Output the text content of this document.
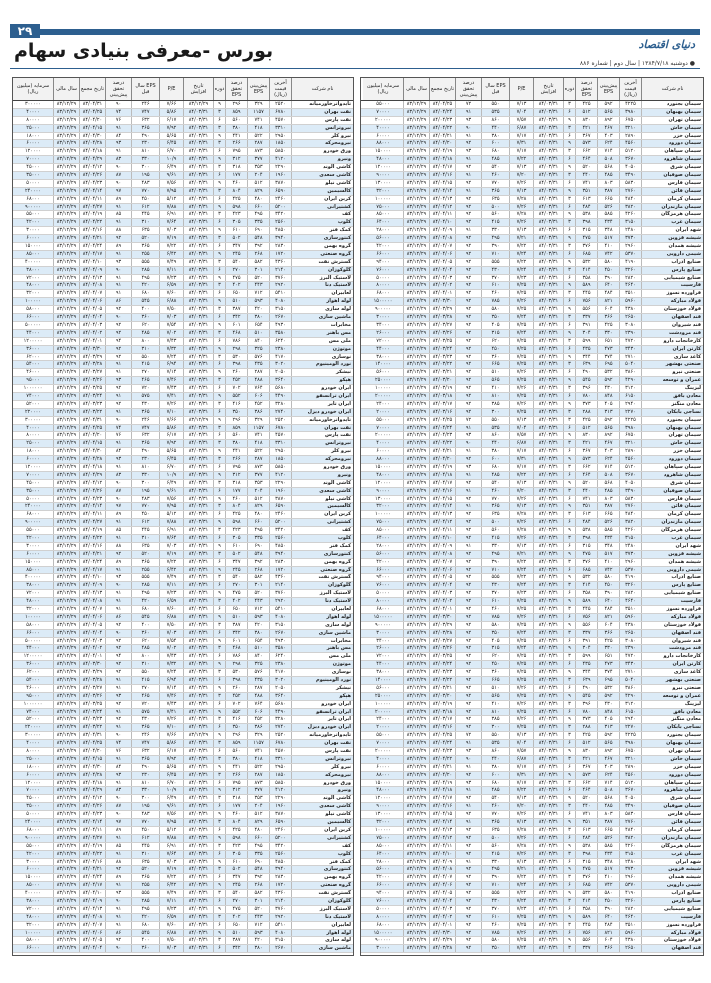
۲۹
دنیای اقتصاد
بورس -معرفی بنیادی سهام
● دوشنبه ۱۳۸۴/۷/۱۸ | سال دوم | شماره ۸۸۶
نام شرکت
آخرین قیمت (ریال)
پیش‌بینی EPS
درصد تحقق EPS
دوره
تاریخ افزایش
P/E
EPS سال قبل
درصد تحقق پیش‌بینی
تاریخ مجمع
سال مالی
سرمایه (میلیون ریال)
سیمان بجنورد
۴۲۲۵
۵۹۲
۴۲۵
۳
۸۴/۰۳/۳۱
۷/۱۳
۵۵۰
۷۲
۸۴/۰۴/۲۵
۸۳/۱۲/۲۹
۵۵۰۰۰
سیمان بهبهان
۳۹۸۰
۵۶۵
۵۱۲
۶
۸۴/۰۳/۳۱
۷/۰۴
۵۳۵
۹۱
۸۴/۰۴/۲۴
۸۳/۱۲/۲۹
۷۰۰۰۰
سیمان تهران
۶۷۵۰
۸۹۲
۸۳۰
۹
۸۴/۰۳/۳۱
۷/۵۷
۸۶۰
۹۳
۸۴/۰۴/۲۳
۸۳/۱۲/۲۹
۲۰۰۰۰۰
سیمان خاش
۳۲۱۰
۴۶۷
۴۲۱
۳
۸۴/۰۳/۳۱
۶/۸۷
۴۴۰
۹۰
۸۴/۰۴/۲۲
۸۳/۱۲/۲۹
۴۰۰۰۰
سیمان خزر
۲۸۹۰
۴۰۳
۳۶۷
۶
۸۴/۰۳/۳۱
۷/۱۷
۳۸۰
۹۱
۸۴/۰۴/۲۱
۸۳/۱۲/۲۹
۶۰۰۰۰
سیمان دورود
۴۵۶۰
۶۲۴
۵۷۳
۹
۸۴/۰۳/۳۱
۷/۳۱
۶۰۰
۹۲
۸۴/۰۴/۲۰
۸۳/۱۲/۲۹
۸۸۰۰۰
سیمان سپاهان
۵۱۲۰
۷۱۴
۶۶۲
۳
۸۴/۰۳/۳۱
۷/۱۷
۶۸۰
۹۳
۸۴/۰۴/۱۹
۸۳/۱۲/۲۹
۱۵۰۰۰۰
سیمان شاهرود
۳۶۷۰
۵۰۸
۴۶۴
۶
۸۴/۰۳/۳۱
۷/۲۲
۴۸۵
۹۱
۸۴/۰۴/۱۸
۸۳/۱۲/۲۹
۴۸۰۰۰
سیمان شرق
۴۰۵۰
۵۶۸
۵۲۰
۹
۸۴/۰۳/۳۱
۷/۱۳
۵۴۰
۹۲
۸۴/۰۴/۱۷
۸۳/۱۲/۲۹
۱۲۰۰۰۰
سیمان صوفیان
۳۴۹۰
۴۸۵
۴۴۰
۳
۸۴/۰۳/۳۱
۷/۲۰
۴۶۰
۹۱
۸۴/۰۴/۱۶
۸۳/۱۲/۲۹
۹۰۰۰۰
سیمان فارس
۵۸۳۰
۸۰۳
۷۴۱
۶
۸۴/۰۳/۳۱
۷/۲۶
۷۷۰
۹۲
۸۴/۰۴/۱۵
۸۳/۱۲/۲۹
۱۳۰۰۰۰
سیمان قائن
۲۷۶۰
۳۸۷
۳۵۱
۹
۸۴/۰۳/۳۱
۷/۱۳
۳۶۵
۹۱
۸۴/۰۴/۱۴
۸۳/۱۲/۲۹
۳۲۰۰۰
سیمان کرمان
۴۸۴۰
۶۶۵
۶۱۳
۳
۸۴/۰۳/۳۱
۷/۲۸
۶۳۵
۹۲
۸۴/۰۴/۱۳
۸۳/۱۲/۲۹
۱۰۰۰۰۰
سیمان مازندران
۳۸۲۰
۵۲۶
۴۸۴
۶
۸۴/۰۳/۳۱
۷/۲۶
۵۰۰
۹۲
۸۴/۰۴/۱۲
۸۳/۱۲/۲۹
۷۵۰۰۰
سیمان هرمزگان
۴۲۶۰
۵۸۵
۵۳۸
۹
۸۴/۰۳/۳۱
۷/۲۸
۵۶۰
۹۲
۸۴/۰۴/۱۱
۸۳/۱۲/۲۹
۸۵۰۰۰
سیمان غرب
۳۱۵۰
۴۳۴
۳۹۸
۳
۸۴/۰۳/۳۱
۷/۲۶
۴۱۵
۹۲
۸۴/۰۴/۱۰
۸۳/۱۲/۲۹
۶۴۰۰۰
شهد ایران
۲۴۸۰
۳۴۸
۳۱۵
۶
۸۴/۰۳/۳۱
۷/۱۳
۳۳۰
۹۱
۸۴/۰۴/۰۹
۸۳/۱۲/۲۹
۲۸۰۰۰
شیشه قزوین
۳۷۳۰
۵۱۷
۴۷۵
۹
۸۴/۰۳/۳۱
۷/۲۱
۴۹۵
۹۲
۸۴/۰۴/۰۸
۸۳/۱۲/۲۹
۵۶۰۰۰
شیشه همدان
۲۹۶۰
۴۱۰
۳۷۶
۳
۸۴/۰۳/۳۱
۷/۲۲
۳۹۰
۹۲
۸۴/۰۴/۰۷
۸۳/۱۲/۲۹
۴۲۰۰۰
شیمی دارویی
۵۳۷۰
۷۴۲
۶۸۵
۶
۸۴/۰۳/۳۱
۷/۲۴
۷۱۰
۹۲
۸۴/۰۴/۰۶
۸۳/۱۲/۲۹
۶۶۰۰۰
صنایع آذراب
۴۱۹۰
۵۸۰
۵۳۲
۹
۸۴/۰۳/۳۱
۷/۲۲
۵۵۵
۹۲
۸۴/۰۴/۰۵
۸۳/۱۲/۲۹
۹۴۰۰۰
صنایع پارس
۳۲۶۰
۴۵۰
۴۱۴
۳
۸۴/۰۳/۳۱
۷/۲۴
۴۳۰
۹۲
۸۴/۰۴/۰۴
۸۳/۱۲/۲۹
۷۶۰۰۰
صنایع شیمیایی
۲۸۲۰
۳۹۰
۳۵۸
۶
۸۴/۰۳/۳۱
۷/۲۳
۳۷۰
۹۲
۸۴/۰۴/۰۳
۸۳/۱۲/۲۹
۵۰۰۰۰
فارسیت
۴۶۴۰
۶۴۰
۵۸۹
۹
۸۴/۰۳/۳۱
۷/۲۵
۶۱۰
۹۲
۸۴/۰۴/۰۲
۸۳/۱۲/۲۹
۸۰۰۰۰
فرآورده نسوز
۳۵۱۰
۴۸۴
۴۴۵
۳
۸۴/۰۳/۳۱
۷/۲۵
۴۶۰
۹۲
۸۴/۰۴/۰۱
۸۳/۱۲/۲۹
۶۸۰۰۰
فولاد مبارکه
۵۹۶۰
۸۲۱
۷۵۶
۶
۸۴/۰۳/۳۱
۷/۲۶
۷۸۵
۹۲
۸۴/۰۳/۳۰
۸۳/۱۲/۲۹
۱۵۰۰۰۰۰
فولاد خوزستان
۴۳۸۰
۶۰۴
۵۵۶
۹
۸۴/۰۳/۳۱
۷/۲۵
۵۸۰
۹۲
۸۴/۰۳/۲۹
۸۳/۱۲/۲۹
۹۰۰۰۰۰
قند اصفهان
۲۶۵۰
۳۶۶
۳۳۷
۳
۸۴/۰۳/۳۱
۷/۲۴
۳۵۰
۹۲
۸۴/۰۳/۲۸
۸۳/۱۲/۲۹
۳۰۰۰۰
قند شیروان
۳۰۸۰
۴۲۵
۳۹۱
۶
۸۴/۰۳/۳۱
۷/۲۵
۴۰۵
۹۲
۸۴/۰۳/۲۷
۸۳/۱۲/۲۹
۳۴۰۰۰
قند مرودشت
۲۳۹۰
۳۳۰
۳۰۴
۹
۸۴/۰۳/۳۱
۷/۲۴
۳۱۵
۹۲
۸۴/۰۳/۲۶
۸۳/۱۲/۲۹
۲۶۰۰۰
کارخانجات دارو
۴۷۲۰
۶۵۱
۵۹۹
۳
۸۴/۰۳/۳۱
۷/۲۵
۶۲۰
۹۲
۸۴/۰۳/۲۵
۸۳/۱۲/۲۹
۷۲۰۰۰
کارتن ایران
۳۴۳۰
۴۷۳
۴۳۵
۶
۸۴/۰۳/۳۱
۷/۲۵
۴۵۰
۹۲
۸۴/۰۳/۲۴
۸۳/۱۲/۲۹
۴۴۰۰۰
کاغذ سازی
۲۷۱۰
۳۷۴
۳۴۴
۹
۸۴/۰۳/۳۱
۷/۲۵
۳۶۰
۹۲
۸۴/۰۳/۲۳
۸۳/۱۲/۲۹
۳۸۰۰۰
صنعتی بهشهر
۵۰۴۰
۶۹۵
۶۳۹
۳
۸۴/۰۳/۳۱
۷/۲۵
۶۶۵
۹۲
۸۴/۰۳/۲۲
۸۳/۱۲/۲۹
۱۴۰۰۰۰
صنعتی نیرو
۳۸۶۰
۵۳۲
۴۹۰
۶
۸۴/۰۳/۳۱
۷/۲۶
۵۱۰
۹۲
۸۴/۰۳/۲۱
۸۳/۱۲/۲۹
۵۶۰۰۰
عمران و توسعه
۴۲۹۰
۵۹۲
۵۴۵
۹
۸۴/۰۳/۳۱
۷/۲۵
۵۶۵
۹۲
۸۴/۰۳/۲۰
۸۳/۱۲/۲۹
۲۵۰۰۰۰
لیزینگ
۳۱۲۰
۴۳۰
۳۹۶
۳
۸۴/۰۳/۳۱
۷/۲۶
۴۱۰
۹۲
۸۴/۰۳/۱۹
۸۳/۱۲/۲۹
۱۰۰۰۰۰
معادن بافق
۶۱۵۰
۸۴۸
۷۸۰
۶
۸۴/۰۳/۳۱
۷/۲۵
۸۱۰
۹۲
۸۴/۰۳/۱۸
۸۳/۱۲/۲۹
۲۰۰۰۰۰
معادن منگنز
۲۹۴۰
۴۰۵
۳۷۳
۹
۸۴/۰۳/۳۱
۷/۲۶
۳۸۵
۹۲
۸۴/۰۳/۱۷
۸۳/۱۲/۲۹
۲۴۰۰۰
نساجی بابکان
۲۲۷۰
۳۱۳
۲۸۸
۳
۸۴/۰۳/۳۱
۷/۲۵
۳۰۰
۹۲
۸۴/۰۳/۱۶
۸۳/۱۲/۲۹
۲۰۰۰۰
سیمان بجنورد
۴۲۲۵
۵۹۲
۴۲۵
۳
۸۴/۰۳/۳۱
۷/۱۳
۵۵۰
۷۲
۸۴/۰۴/۲۵
۸۳/۱۲/۲۹
۵۵۰۰۰
سیمان بهبهان
۳۹۸۰
۵۶۵
۵۱۲
۶
۸۴/۰۳/۳۱
۷/۰۴
۵۳۵
۹۱
۸۴/۰۴/۲۴
۸۳/۱۲/۲۹
۷۰۰۰۰
سیمان تهران
۶۷۵۰
۸۹۲
۸۳۰
۹
۸۴/۰۳/۳۱
۷/۵۷
۸۶۰
۹۳
۸۴/۰۴/۲۳
۸۳/۱۲/۲۹
۲۰۰۰۰۰
سیمان خاش
۳۲۱۰
۴۶۷
۴۲۱
۳
۸۴/۰۳/۳۱
۶/۸۷
۴۴۰
۹۰
۸۴/۰۴/۲۲
۸۳/۱۲/۲۹
۴۰۰۰۰
سیمان خزر
۲۸۹۰
۴۰۳
۳۶۷
۶
۸۴/۰۳/۳۱
۷/۱۷
۳۸۰
۹۱
۸۴/۰۴/۲۱
۸۳/۱۲/۲۹
۶۰۰۰۰
سیمان دورود
۴۵۶۰
۶۲۴
۵۷۳
۹
۸۴/۰۳/۳۱
۷/۳۱
۶۰۰
۹۲
۸۴/۰۴/۲۰
۸۳/۱۲/۲۹
۸۸۰۰۰
سیمان سپاهان
۵۱۲۰
۷۱۴
۶۶۲
۳
۸۴/۰۳/۳۱
۷/۱۷
۶۸۰
۹۳
۸۴/۰۴/۱۹
۸۳/۱۲/۲۹
۱۵۰۰۰۰
سیمان شاهرود
۳۶۷۰
۵۰۸
۴۶۴
۶
۸۴/۰۳/۳۱
۷/۲۲
۴۸۵
۹۱
۸۴/۰۴/۱۸
۸۳/۱۲/۲۹
۴۸۰۰۰
سیمان شرق
۴۰۵۰
۵۶۸
۵۲۰
۹
۸۴/۰۳/۳۱
۷/۱۳
۵۴۰
۹۲
۸۴/۰۴/۱۷
۸۳/۱۲/۲۹
۱۲۰۰۰۰
سیمان صوفیان
۳۴۹۰
۴۸۵
۴۴۰
۳
۸۴/۰۳/۳۱
۷/۲۰
۴۶۰
۹۱
۸۴/۰۴/۱۶
۸۳/۱۲/۲۹
۹۰۰۰۰
سیمان فارس
۵۸۳۰
۸۰۳
۷۴۱
۶
۸۴/۰۳/۳۱
۷/۲۶
۷۷۰
۹۲
۸۴/۰۴/۱۵
۸۳/۱۲/۲۹
۱۳۰۰۰۰
سیمان قائن
۲۷۶۰
۳۸۷
۳۵۱
۹
۸۴/۰۳/۳۱
۷/۱۳
۳۶۵
۹۱
۸۴/۰۴/۱۴
۸۳/۱۲/۲۹
۳۲۰۰۰
سیمان کرمان
۴۸۴۰
۶۶۵
۶۱۳
۳
۸۴/۰۳/۳۱
۷/۲۸
۶۳۵
۹۲
۸۴/۰۴/۱۳
۸۳/۱۲/۲۹
۱۰۰۰۰۰
سیمان مازندران
۳۸۲۰
۵۲۶
۴۸۴
۶
۸۴/۰۳/۳۱
۷/۲۶
۵۰۰
۹۲
۸۴/۰۴/۱۲
۸۳/۱۲/۲۹
۷۵۰۰۰
سیمان هرمزگان
۴۲۶۰
۵۸۵
۵۳۸
۹
۸۴/۰۳/۳۱
۷/۲۸
۵۶۰
۹۲
۸۴/۰۴/۱۱
۸۳/۱۲/۲۹
۸۵۰۰۰
سیمان غرب
۳۱۵۰
۴۳۴
۳۹۸
۳
۸۴/۰۳/۳۱
۷/۲۶
۴۱۵
۹۲
۸۴/۰۴/۱۰
۸۳/۱۲/۲۹
۶۴۰۰۰
شهد ایران
۲۴۸۰
۳۴۸
۳۱۵
۶
۸۴/۰۳/۳۱
۷/۱۳
۳۳۰
۹۱
۸۴/۰۴/۰۹
۸۳/۱۲/۲۹
۲۸۰۰۰
شیشه قزوین
۳۷۳۰
۵۱۷
۴۷۵
۹
۸۴/۰۳/۳۱
۷/۲۱
۴۹۵
۹۲
۸۴/۰۴/۰۸
۸۳/۱۲/۲۹
۵۶۰۰۰
شیشه همدان
۲۹۶۰
۴۱۰
۳۷۶
۳
۸۴/۰۳/۳۱
۷/۲۲
۳۹۰
۹۲
۸۴/۰۴/۰۷
۸۳/۱۲/۲۹
۴۲۰۰۰
شیمی دارویی
۵۳۷۰
۷۴۲
۶۸۵
۶
۸۴/۰۳/۳۱
۷/۲۴
۷۱۰
۹۲
۸۴/۰۴/۰۶
۸۳/۱۲/۲۹
۶۶۰۰۰
صنایع آذراب
۴۱۹۰
۵۸۰
۵۳۲
۹
۸۴/۰۳/۳۱
۷/۲۲
۵۵۵
۹۲
۸۴/۰۴/۰۵
۸۳/۱۲/۲۹
۹۴۰۰۰
صنایع پارس
۳۲۶۰
۴۵۰
۴۱۴
۳
۸۴/۰۳/۳۱
۷/۲۴
۴۳۰
۹۲
۸۴/۰۴/۰۴
۸۳/۱۲/۲۹
۷۶۰۰۰
صنایع شیمیایی
۲۸۲۰
۳۹۰
۳۵۸
۶
۸۴/۰۳/۳۱
۷/۲۳
۳۷۰
۹۲
۸۴/۰۴/۰۳
۸۳/۱۲/۲۹
۵۰۰۰۰
فارسیت
۴۶۴۰
۶۴۰
۵۸۹
۹
۸۴/۰۳/۳۱
۷/۲۵
۶۱۰
۹۲
۸۴/۰۴/۰۲
۸۳/۱۲/۲۹
۸۰۰۰۰
فرآورده نسوز
۳۵۱۰
۴۸۴
۴۴۵
۳
۸۴/۰۳/۳۱
۷/۲۵
۴۶۰
۹۲
۸۴/۰۴/۰۱
۸۳/۱۲/۲۹
۶۸۰۰۰
فولاد مبارکه
۵۹۶۰
۸۲۱
۷۵۶
۶
۸۴/۰۳/۳۱
۷/۲۶
۷۸۵
۹۲
۸۴/۰۳/۳۰
۸۳/۱۲/۲۹
۱۵۰۰۰۰۰
فولاد خوزستان
۴۳۸۰
۶۰۴
۵۵۶
۹
۸۴/۰۳/۳۱
۷/۲۵
۵۸۰
۹۲
۸۴/۰۳/۲۹
۸۳/۱۲/۲۹
۹۰۰۰۰۰
قند اصفهان
۲۶۵۰
۳۶۶
۳۳۷
۳
۸۴/۰۳/۳۱
۷/۲۴
۳۵۰
۹۲
۸۴/۰۳/۲۸
۸۳/۱۲/۲۹
۳۰۰۰۰
قند شیروان
۳۰۸۰
۴۲۵
۳۹۱
۶
۸۴/۰۳/۳۱
۷/۲۵
۴۰۵
۹۲
۸۴/۰۳/۲۷
۸۳/۱۲/۲۹
۳۴۰۰۰
قند مرودشت
۲۳۹۰
۳۳۰
۳۰۴
۹
۸۴/۰۳/۳۱
۷/۲۴
۳۱۵
۹۲
۸۴/۰۳/۲۶
۸۳/۱۲/۲۹
۲۶۰۰۰
کارخانجات دارو
۴۷۲۰
۶۵۱
۵۹۹
۳
۸۴/۰۳/۳۱
۷/۲۵
۶۲۰
۹۲
۸۴/۰۳/۲۵
۸۳/۱۲/۲۹
۷۲۰۰۰
کارتن ایران
۳۴۳۰
۴۷۳
۴۳۵
۶
۸۴/۰۳/۳۱
۷/۲۵
۴۵۰
۹۲
۸۴/۰۳/۲۴
۸۳/۱۲/۲۹
۴۴۰۰۰
کاغذ سازی
۲۷۱۰
۳۷۴
۳۴۴
۹
۸۴/۰۳/۳۱
۷/۲۵
۳۶۰
۹۲
۸۴/۰۳/۲۳
۸۳/۱۲/۲۹
۳۸۰۰۰
صنعتی بهشهر
۵۰۴۰
۶۹۵
۶۳۹
۳
۸۴/۰۳/۳۱
۷/۲۵
۶۶۵
۹۲
۸۴/۰۳/۲۲
۸۳/۱۲/۲۹
۱۴۰۰۰۰
صنعتی نیرو
۳۸۶۰
۵۳۲
۴۹۰
۶
۸۴/۰۳/۳۱
۷/۲۶
۵۱۰
۹۲
۸۴/۰۳/۲۱
۸۳/۱۲/۲۹
۵۶۰۰۰
عمران و توسعه
۴۲۹۰
۵۹۲
۵۴۵
۹
۸۴/۰۳/۳۱
۷/۲۵
۵۶۵
۹۲
۸۴/۰۳/۲۰
۸۳/۱۲/۲۹
۲۵۰۰۰۰
لیزینگ
۳۱۲۰
۴۳۰
۳۹۶
۳
۸۴/۰۳/۳۱
۷/۲۶
۴۱۰
۹۲
۸۴/۰۳/۱۹
۸۳/۱۲/۲۹
۱۰۰۰۰۰
معادن بافق
۶۱۵۰
۸۴۸
۷۸۰
۶
۸۴/۰۳/۳۱
۷/۲۵
۸۱۰
۹۲
۸۴/۰۳/۱۸
۸۳/۱۲/۲۹
۲۰۰۰۰۰
معادن منگنز
۲۹۴۰
۴۰۵
۳۷۳
۹
۸۴/۰۳/۳۱
۷/۲۶
۳۸۵
۹۲
۸۴/۰۳/۱۷
۸۳/۱۲/۲۹
۲۴۰۰۰
نساجی بابکان
۲۲۷۰
۳۱۳
۲۸۸
۳
۸۴/۰۳/۳۱
۷/۲۵
۳۰۰
۹۲
۸۴/۰۳/۱۶
۸۳/۱۲/۲۹
۲۰۰۰۰
سیمان بجنورد
۴۲۲۵
۵۹۲
۴۲۵
۳
۸۴/۰۳/۳۱
۷/۱۳
۵۵۰
۷۲
۸۴/۰۴/۲۵
۸۳/۱۲/۲۹
۵۵۰۰۰
سیمان بهبهان
۳۹۸۰
۵۶۵
۵۱۲
۶
۸۴/۰۳/۳۱
۷/۰۴
۵۳۵
۹۱
۸۴/۰۴/۲۴
۸۳/۱۲/۲۹
۷۰۰۰۰
سیمان تهران
۶۷۵۰
۸۹۲
۸۳۰
۹
۸۴/۰۳/۳۱
۷/۵۷
۸۶۰
۹۳
۸۴/۰۴/۲۳
۸۳/۱۲/۲۹
۲۰۰۰۰۰
سیمان خاش
۳۲۱۰
۴۶۷
۴۲۱
۳
۸۴/۰۳/۳۱
۶/۸۷
۴۴۰
۹۰
۸۴/۰۴/۲۲
۸۳/۱۲/۲۹
۴۰۰۰۰
سیمان خزر
۲۸۹۰
۴۰۳
۳۶۷
۶
۸۴/۰۳/۳۱
۷/۱۷
۳۸۰
۹۱
۸۴/۰۴/۲۱
۸۳/۱۲/۲۹
۶۰۰۰۰
سیمان دورود
۴۵۶۰
۶۲۴
۵۷۳
۹
۸۴/۰۳/۳۱
۷/۳۱
۶۰۰
۹۲
۸۴/۰۴/۲۰
۸۳/۱۲/۲۹
۸۸۰۰۰
سیمان سپاهان
۵۱۲۰
۷۱۴
۶۶۲
۳
۸۴/۰۳/۳۱
۷/۱۷
۶۸۰
۹۳
۸۴/۰۴/۱۹
۸۳/۱۲/۲۹
۱۵۰۰۰۰
سیمان شاهرود
۳۶۷۰
۵۰۸
۴۶۴
۶
۸۴/۰۳/۳۱
۷/۲۲
۴۸۵
۹۱
۸۴/۰۴/۱۸
۸۳/۱۲/۲۹
۴۸۰۰۰
سیمان شرق
۴۰۵۰
۵۶۸
۵۲۰
۹
۸۴/۰۳/۳۱
۷/۱۳
۵۴۰
۹۲
۸۴/۰۴/۱۷
۸۳/۱۲/۲۹
۱۲۰۰۰۰
سیمان صوفیان
۳۴۹۰
۴۸۵
۴۴۰
۳
۸۴/۰۳/۳۱
۷/۲۰
۴۶۰
۹۱
۸۴/۰۴/۱۶
۸۳/۱۲/۲۹
۹۰۰۰۰
سیمان فارس
۵۸۳۰
۸۰۳
۷۴۱
۶
۸۴/۰۳/۳۱
۷/۲۶
۷۷۰
۹۲
۸۴/۰۴/۱۵
۸۳/۱۲/۲۹
۱۳۰۰۰۰
سیمان قائن
۲۷۶۰
۳۸۷
۳۵۱
۹
۸۴/۰۳/۳۱
۷/۱۳
۳۶۵
۹۱
۸۴/۰۴/۱۴
۸۳/۱۲/۲۹
۳۲۰۰۰
سیمان کرمان
۴۸۴۰
۶۶۵
۶۱۳
۳
۸۴/۰۳/۳۱
۷/۲۸
۶۳۵
۹۲
۸۴/۰۴/۱۳
۸۳/۱۲/۲۹
۱۰۰۰۰۰
سیمان مازندران
۳۸۲۰
۵۲۶
۴۸۴
۶
۸۴/۰۳/۳۱
۷/۲۶
۵۰۰
۹۲
۸۴/۰۴/۱۲
۸۳/۱۲/۲۹
۷۵۰۰۰
سیمان هرمزگان
۴۲۶۰
۵۸۵
۵۳۸
۹
۸۴/۰۳/۳۱
۷/۲۸
۵۶۰
۹۲
۸۴/۰۴/۱۱
۸۳/۱۲/۲۹
۸۵۰۰۰
سیمان غرب
۳۱۵۰
۴۳۴
۳۹۸
۳
۸۴/۰۳/۳۱
۷/۲۶
۴۱۵
۹۲
۸۴/۰۴/۱۰
۸۳/۱۲/۲۹
۶۴۰۰۰
شهد ایران
۲۴۸۰
۳۴۸
۳۱۵
۶
۸۴/۰۳/۳۱
۷/۱۳
۳۳۰
۹۱
۸۴/۰۴/۰۹
۸۳/۱۲/۲۹
۲۸۰۰۰
شیشه قزوین
۳۷۳۰
۵۱۷
۴۷۵
۹
۸۴/۰۳/۳۱
۷/۲۱
۴۹۵
۹۲
۸۴/۰۴/۰۸
۸۳/۱۲/۲۹
۵۶۰۰۰
شیشه همدان
۲۹۶۰
۴۱۰
۳۷۶
۳
۸۴/۰۳/۳۱
۷/۲۲
۳۹۰
۹۲
۸۴/۰۴/۰۷
۸۳/۱۲/۲۹
۴۲۰۰۰
شیمی دارویی
۵۳۷۰
۷۴۲
۶۸۵
۶
۸۴/۰۳/۳۱
۷/۲۴
۷۱۰
۹۲
۸۴/۰۴/۰۶
۸۳/۱۲/۲۹
۶۶۰۰۰
صنایع آذراب
۴۱۹۰
۵۸۰
۵۳۲
۹
۸۴/۰۳/۳۱
۷/۲۲
۵۵۵
۹۲
۸۴/۰۴/۰۵
۸۳/۱۲/۲۹
۹۴۰۰۰
صنایع پارس
۳۲۶۰
۴۵۰
۴۱۴
۳
۸۴/۰۳/۳۱
۷/۲۴
۴۳۰
۹۲
۸۴/۰۴/۰۴
۸۳/۱۲/۲۹
۷۶۰۰۰
صنایع شیمیایی
۲۸۲۰
۳۹۰
۳۵۸
۶
۸۴/۰۳/۳۱
۷/۲۳
۳۷۰
۹۲
۸۴/۰۴/۰۳
۸۳/۱۲/۲۹
۵۰۰۰۰
فارسیت
۴۶۴۰
۶۴۰
۵۸۹
۹
۸۴/۰۳/۳۱
۷/۲۵
۶۱۰
۹۲
۸۴/۰۴/۰۲
۸۳/۱۲/۲۹
۸۰۰۰۰
فرآورده نسوز
۳۵۱۰
۴۸۴
۴۴۵
۳
۸۴/۰۳/۳۱
۷/۲۵
۴۶۰
۹۲
۸۴/۰۴/۰۱
۸۳/۱۲/۲۹
۶۸۰۰۰
فولاد مبارکه
۵۹۶۰
۸۲۱
۷۵۶
۶
۸۴/۰۳/۳۱
۷/۲۶
۷۸۵
۹۲
۸۴/۰۳/۳۰
۸۳/۱۲/۲۹
۱۵۰۰۰۰۰
فولاد خوزستان
۴۳۸۰
۶۰۴
۵۵۶
۹
۸۴/۰۳/۳۱
۷/۲۵
۵۸۰
۹۲
۸۴/۰۳/۲۹
۸۳/۱۲/۲۹
۹۰۰۰۰۰
قند اصفهان
۲۶۵۰
۳۶۶
۳۳۷
۳
۸۴/۰۳/۳۱
۷/۲۴
۳۵۰
۹۲
۸۴/۰۳/۲۸
۸۳/۱۲/۲۹
۳۰۰۰۰
نام شرکت
آخرین قیمت (ریال)
پیش‌بینی EPS
درصد تحقق EPS
دوره
تاریخ افزایش
P/E
EPS سال قبل
درصد تحقق پیش‌بینی
تاریخ مجمع
سال مالی
سرمایه (میلیون ریال)
تایدواترخاورمیانه
۲۵۲۰
۳۲۹
۲۹۶
۹
۸۳/۱۲/۲۹
۷/۶۶
۲۴۶
۹۰
۸۳/۰۴/۳۱
۸۳/۱۲/۲۹
۳۰۰۰۰۰
نفت بهران
۶۷۸۰
۱۱۵۷
۸۵۹
۳
۸۴/۰۳/۳۱
۵/۸۶
۷۴۷
۷۴
۸۴/۰۴/۲۵
۸۳/۱۲/۲۹
۴۰۰۰۰
نفت پارس
۴۵۷۰
۷۴۱
۵۶۰
۶
۸۴/۰۳/۳۱
۶/۱۷
۶۳۲
۷۶
۸۴/۰۴/۲۰
۸۳/۱۲/۲۹
۸۰۰۰۰
نیروترانس
۳۳۱۰
۴۱۸
۳۸۰
۳
۸۴/۰۳/۳۱
۷/۹۲
۳۶۵
۹۱
۸۴/۰۴/۱۵
۸۳/۱۲/۲۹
۲۵۰۰۰
نیرو کلر
۲۹۵۰
۵۲۲
۴۴۱
۹
۸۴/۰۳/۳۱
۵/۶۵
۴۹۰
۸۴
۸۴/۰۴/۳۰
۸۳/۱۲/۲۹
۱۸۰۰۰
نیرومحرکه
۱۸۵۰
۲۸۷
۲۶۶
۳
۸۴/۰۳/۳۱
۶/۴۵
۲۳۰
۹۳
۸۴/۰۴/۲۸
۸۳/۱۲/۲۹
۶۰۰۰۰
ورق خودرو
۵۸۵۰
۸۷۳
۷۹۵
۶
۸۴/۰۳/۳۱
۶/۷۰
۸۱۰
۹۱
۸۴/۰۴/۱۸
۸۳/۱۲/۲۹
۱۲۰۰۰۰
ونیرو
۴۱۲۰
۳۷۷
۳۱۲
۹
۸۴/۰۳/۳۱
۱۰/۹
۳۳۰
۸۳
۸۴/۰۴/۲۹
۸۳/۱۲/۲۹
۷۰۰۰۰
کاشی الوند
۲۲۹۰
۳۵۳
۳۱۸
۳
۸۴/۰۳/۳۱
۶/۴۹
۳۰۰
۹۰
۸۴/۰۴/۱۲
۸۳/۱۲/۲۹
۴۵۰۰۰
کاشی سعدی
۱۹۶۰
۲۰۴
۱۷۷
۶
۸۴/۰۳/۳۱
۹/۶۱
۱۹۵
۸۷
۸۴/۰۴/۲۶
۸۳/۱۲/۲۹
۳۵۰۰۰
کاشی نیلو
۳۸۷۰
۵۱۲
۴۶۰
۹
۸۴/۰۳/۳۱
۷/۵۶
۴۸۳
۹۰
۸۴/۰۴/۲۳
۸۳/۱۲/۲۹
۵۰۰۰۰
کالسیمین
۶۵۹۰
۸۲۹
۸۰۴
۳
۸۴/۰۳/۳۱
۷/۹۵
۷۷۰
۹۷
۸۴/۰۴/۱۴
۸۳/۱۲/۲۹
۲۴۰۰۰۰
کربن ایران
۲۴۶۰
۴۸۰
۴۲۵
۶
۸۴/۰۳/۳۱
۵/۱۲
۴۵۰
۸۹
۸۴/۰۴/۱۱
۸۳/۱۲/۲۹
۶۸۰۰۰
کشتیرانی
۵۲۰۰
۶۶۰
۵۹۸
۹
۸۴/۰۳/۳۱
۷/۸۸
۶۱۲
۹۱
۸۴/۰۴/۲۷
۸۳/۱۲/۲۹
۹۰۰۰۰۰
کف
۳۴۲۰
۴۹۵
۴۲۳
۳
۸۴/۰۳/۳۱
۶/۹۱
۴۴۵
۸۵
۸۴/۰۴/۱۹
۸۳/۱۲/۲۹
۵۵۰۰۰
کلوپ
۲۵۶۰
۳۳۵
۳۰۵
۶
۸۴/۰۳/۳۱
۷/۶۴
۳۱۰
۹۱
۸۴/۰۴/۲۲
۸۳/۱۲/۲۹
۴۲۰۰۰
کمک فنر
۴۸۵۰
۶۹۰
۶۱۰
۹
۸۴/۰۳/۳۱
۷/۰۳
۶۳۵
۸۸
۸۴/۰۴/۱۶
۸۳/۱۲/۲۹
۳۰۰۰۰
کنتورسازی
۳۹۴۰
۵۴۸
۵۰۲
۳
۸۴/۰۳/۳۱
۷/۱۹
۵۲۰
۹۲
۸۴/۰۴/۲۱
۸۳/۱۲/۲۹
۶۰۰۰۰
گروه بهمن
۲۸۳۰
۳۹۲
۳۴۷
۶
۸۴/۰۳/۳۱
۷/۲۲
۳۶۵
۸۹
۸۴/۰۴/۲۴
۸۳/۱۲/۲۹
۱۵۰۰۰۰
گروه صنعتی
۱۷۲۰
۲۶۸
۲۴۵
۹
۸۴/۰۳/۳۱
۶/۴۲
۲۵۵
۹۱
۸۴/۰۴/۱۷
۸۳/۱۲/۲۹
۸۵۰۰۰
گسترش نفت
۴۳۶۰
۵۸۲
۵۴۰
۳
۸۴/۰۳/۳۱
۷/۴۹
۵۵۵
۹۳
۸۴/۰۴/۱۰
۸۳/۱۲/۲۹
۴۰۰۰۰۰
گلوکوزان
۲۱۴۰
۳۰۱
۲۷۰
۶
۸۴/۰۳/۳۱
۷/۱۱
۲۸۵
۹۰
۸۴/۰۴/۰۹
۸۳/۱۲/۲۹
۳۸۰۰۰
لاستیک البرز
۳۷۶۰
۵۲۰
۴۷۵
۹
۸۴/۰۳/۳۱
۷/۲۳
۴۹۵
۹۱
۸۴/۰۴/۱۳
۸۳/۱۲/۲۹
۷۲۰۰۰
لاستیک دنا
۲۹۲۰
۴۴۳
۴۰۲
۳
۸۴/۰۳/۳۱
۶/۵۹
۴۲۰
۹۱
۸۴/۰۴/۰۸
۸۳/۱۲/۲۹
۴۸۰۰۰
لعابیران
۵۴۱۰
۷۱۲
۶۵۰
۶
۸۴/۰۳/۳۱
۷/۶۰
۶۸۰
۹۱
۸۴/۰۴/۰۷
۸۳/۱۲/۲۹
۳۲۰۰۰
لوله اهواز
۴۰۸۰
۵۹۳
۵۱۰
۹
۸۴/۰۳/۳۱
۶/۸۸
۵۴۵
۸۶
۸۴/۰۴/۰۶
۸۳/۱۲/۲۹
۱۰۰۰۰۰
لوله سازی
۳۱۵۰
۴۲۰
۳۸۷
۳
۸۴/۰۳/۳۱
۷/۵۰
۴۰۰
۹۲
۸۴/۰۴/۰۵
۸۳/۱۲/۲۹
۵۸۰۰۰
ماشین سازی
۲۶۷۰
۳۸۰
۳۴۲
۶
۸۴/۰۳/۳۱
۷/۰۳
۳۶۰
۹۰
۸۴/۰۴/۰۴
۸۳/۱۲/۲۹
۶۶۰۰۰
مخابرات
۴۹۳۰
۶۵۴
۶۰۱
۹
۸۴/۰۳/۳۱
۷/۵۴
۶۲۰
۹۲
۸۴/۰۴/۰۳
۸۳/۱۲/۲۹
۵۰۰۰۰۰
مس باهنر
۳۵۸۰
۵۱۰
۴۶۸
۳
۸۴/۰۳/۳۱
۷/۰۲
۴۸۵
۹۲
۸۴/۰۴/۰۲
۸۳/۱۲/۲۹
۴۴۰۰۰
ملی مس
۶۲۴۰
۸۴۰
۷۸۶
۶
۸۴/۰۳/۳۱
۷/۴۳
۸۰۰
۹۴
۸۴/۰۴/۰۱
۸۳/۱۲/۲۹
۱۲۰۰۰۰۰
موتوژن
۲۳۸۰
۳۲۵
۲۹۸
۹
۸۴/۰۳/۳۱
۷/۳۲
۳۱۰
۹۲
۸۴/۰۳/۳۰
۸۳/۱۲/۲۹
۳۶۰۰۰
نوسازی
۴۱۷۰
۵۷۶
۵۳۰
۳
۸۴/۰۳/۳۱
۷/۲۴
۵۵۰
۹۲
۸۴/۰۳/۲۹
۸۳/۱۲/۲۹
۶۲۰۰۰
نورد آلومینیوم
۳۰۲۰
۴۳۵
۳۹۸
۶
۸۴/۰۳/۳۱
۶/۹۴
۴۱۵
۹۱
۸۴/۰۳/۲۸
۸۳/۱۲/۲۹
۵۴۰۰۰
نیشکر
۲۰۵۰
۲۸۷
۲۶۰
۹
۸۴/۰۳/۳۱
۷/۱۴
۲۷۰
۹۱
۸۴/۰۳/۲۷
۸۳/۱۲/۲۹
۴۶۰۰۰
هپکو
۳۶۴۰
۴۸۸
۴۵۲
۳
۸۴/۰۳/۳۱
۷/۴۶
۴۶۵
۹۳
۸۴/۰۳/۲۶
۸۳/۱۲/۲۹
۹۵۰۰۰
ایران خودرو
۵۶۸۰
۷۶۴
۷۰۲
۶
۸۴/۰۳/۳۱
۷/۴۳
۷۲۰
۹۲
۸۴/۰۳/۲۵
۸۳/۱۲/۲۹
۱۰۰۰۰۰۰
ایران ترانسفو
۴۴۹۰
۶۰۶
۵۵۲
۹
۸۴/۰۳/۳۱
۷/۴۱
۵۷۵
۹۱
۸۴/۰۳/۲۴
۸۳/۱۲/۲۹
۷۴۰۰۰
ایران تایر
۳۲۸۰
۴۵۲
۴۱۶
۳
۸۴/۰۳/۳۱
۷/۲۶
۴۳۰
۹۲
۸۴/۰۳/۲۳
۸۳/۱۲/۲۹
۵۲۰۰۰
ایران خودرو دیزل
۲۷۴۰
۳۸۶
۳۵۰
۶
۸۴/۰۳/۳۱
۷/۱۰
۳۶۵
۹۱
۸۴/۰۳/۲۲
۸۳/۱۲/۲۹
۲۲۰۰۰۰
تایدواترخاورمیانه
۲۵۲۰
۳۲۹
۲۹۶
۹
۸۳/۱۲/۲۹
۷/۶۶
۲۴۶
۹۰
۸۳/۰۴/۳۱
۸۳/۱۲/۲۹
۳۰۰۰۰۰
نفت بهران
۶۷۸۰
۱۱۵۷
۸۵۹
۳
۸۴/۰۳/۳۱
۵/۸۶
۷۴۷
۷۴
۸۴/۰۴/۲۵
۸۳/۱۲/۲۹
۴۰۰۰۰
نفت پارس
۴۵۷۰
۷۴۱
۵۶۰
۶
۸۴/۰۳/۳۱
۶/۱۷
۶۳۲
۷۶
۸۴/۰۴/۲۰
۸۳/۱۲/۲۹
۸۰۰۰۰
نیروترانس
۳۳۱۰
۴۱۸
۳۸۰
۳
۸۴/۰۳/۳۱
۷/۹۲
۳۶۵
۹۱
۸۴/۰۴/۱۵
۸۳/۱۲/۲۹
۲۵۰۰۰
نیرو کلر
۲۹۵۰
۵۲۲
۴۴۱
۹
۸۴/۰۳/۳۱
۵/۶۵
۴۹۰
۸۴
۸۴/۰۴/۳۰
۸۳/۱۲/۲۹
۱۸۰۰۰
نیرومحرکه
۱۸۵۰
۲۸۷
۲۶۶
۳
۸۴/۰۳/۳۱
۶/۴۵
۲۳۰
۹۳
۸۴/۰۴/۲۸
۸۳/۱۲/۲۹
۶۰۰۰۰
ورق خودرو
۵۸۵۰
۸۷۳
۷۹۵
۶
۸۴/۰۳/۳۱
۶/۷۰
۸۱۰
۹۱
۸۴/۰۴/۱۸
۸۳/۱۲/۲۹
۱۲۰۰۰۰
ونیرو
۴۱۲۰
۳۷۷
۳۱۲
۹
۸۴/۰۳/۳۱
۱۰/۹
۳۳۰
۸۳
۸۴/۰۴/۲۹
۸۳/۱۲/۲۹
۷۰۰۰۰
کاشی الوند
۲۲۹۰
۳۵۳
۳۱۸
۳
۸۴/۰۳/۳۱
۶/۴۹
۳۰۰
۹۰
۸۴/۰۴/۱۲
۸۳/۱۲/۲۹
۴۵۰۰۰
کاشی سعدی
۱۹۶۰
۲۰۴
۱۷۷
۶
۸۴/۰۳/۳۱
۹/۶۱
۱۹۵
۸۷
۸۴/۰۴/۲۶
۸۳/۱۲/۲۹
۳۵۰۰۰
کاشی نیلو
۳۸۷۰
۵۱۲
۴۶۰
۹
۸۴/۰۳/۳۱
۷/۵۶
۴۸۳
۹۰
۸۴/۰۴/۲۳
۸۳/۱۲/۲۹
۵۰۰۰۰
کالسیمین
۶۵۹۰
۸۲۹
۸۰۴
۳
۸۴/۰۳/۳۱
۷/۹۵
۷۷۰
۹۷
۸۴/۰۴/۱۴
۸۳/۱۲/۲۹
۲۴۰۰۰۰
کربن ایران
۲۴۶۰
۴۸۰
۴۲۵
۶
۸۴/۰۳/۳۱
۵/۱۲
۴۵۰
۸۹
۸۴/۰۴/۱۱
۸۳/۱۲/۲۹
۶۸۰۰۰
کشتیرانی
۵۲۰۰
۶۶۰
۵۹۸
۹
۸۴/۰۳/۳۱
۷/۸۸
۶۱۲
۹۱
۸۴/۰۴/۲۷
۸۳/۱۲/۲۹
۹۰۰۰۰۰
کف
۳۴۲۰
۴۹۵
۴۲۳
۳
۸۴/۰۳/۳۱
۶/۹۱
۴۴۵
۸۵
۸۴/۰۴/۱۹
۸۳/۱۲/۲۹
۵۵۰۰۰
کلوپ
۲۵۶۰
۳۳۵
۳۰۵
۶
۸۴/۰۳/۳۱
۷/۶۴
۳۱۰
۹۱
۸۴/۰۴/۲۲
۸۳/۱۲/۲۹
۴۲۰۰۰
کمک فنر
۴۸۵۰
۶۹۰
۶۱۰
۹
۸۴/۰۳/۳۱
۷/۰۳
۶۳۵
۸۸
۸۴/۰۴/۱۶
۸۳/۱۲/۲۹
۳۰۰۰۰
کنتورسازی
۳۹۴۰
۵۴۸
۵۰۲
۳
۸۴/۰۳/۳۱
۷/۱۹
۵۲۰
۹۲
۸۴/۰۴/۲۱
۸۳/۱۲/۲۹
۶۰۰۰۰
گروه بهمن
۲۸۳۰
۳۹۲
۳۴۷
۶
۸۴/۰۳/۳۱
۷/۲۲
۳۶۵
۸۹
۸۴/۰۴/۲۴
۸۳/۱۲/۲۹
۱۵۰۰۰۰
گروه صنعتی
۱۷۲۰
۲۶۸
۲۴۵
۹
۸۴/۰۳/۳۱
۶/۴۲
۲۵۵
۹۱
۸۴/۰۴/۱۷
۸۳/۱۲/۲۹
۸۵۰۰۰
گسترش نفت
۴۳۶۰
۵۸۲
۵۴۰
۳
۸۴/۰۳/۳۱
۷/۴۹
۵۵۵
۹۳
۸۴/۰۴/۱۰
۸۳/۱۲/۲۹
۴۰۰۰۰۰
گلوکوزان
۲۱۴۰
۳۰۱
۲۷۰
۶
۸۴/۰۳/۳۱
۷/۱۱
۲۸۵
۹۰
۸۴/۰۴/۰۹
۸۳/۱۲/۲۹
۳۸۰۰۰
لاستیک البرز
۳۷۶۰
۵۲۰
۴۷۵
۹
۸۴/۰۳/۳۱
۷/۲۳
۴۹۵
۹۱
۸۴/۰۴/۱۳
۸۳/۱۲/۲۹
۷۲۰۰۰
لاستیک دنا
۲۹۲۰
۴۴۳
۴۰۲
۳
۸۴/۰۳/۳۱
۶/۵۹
۴۲۰
۹۱
۸۴/۰۴/۰۸
۸۳/۱۲/۲۹
۴۸۰۰۰
لعابیران
۵۴۱۰
۷۱۲
۶۵۰
۶
۸۴/۰۳/۳۱
۷/۶۰
۶۸۰
۹۱
۸۴/۰۴/۰۷
۸۳/۱۲/۲۹
۳۲۰۰۰
لوله اهواز
۴۰۸۰
۵۹۳
۵۱۰
۹
۸۴/۰۳/۳۱
۶/۸۸
۵۴۵
۸۶
۸۴/۰۴/۰۶
۸۳/۱۲/۲۹
۱۰۰۰۰۰
لوله سازی
۳۱۵۰
۴۲۰
۳۸۷
۳
۸۴/۰۳/۳۱
۷/۵۰
۴۰۰
۹۲
۸۴/۰۴/۰۵
۸۳/۱۲/۲۹
۵۸۰۰۰
ماشین سازی
۲۶۷۰
۳۸۰
۳۴۲
۶
۸۴/۰۳/۳۱
۷/۰۳
۳۶۰
۹۰
۸۴/۰۴/۰۴
۸۳/۱۲/۲۹
۶۶۰۰۰
مخابرات
۴۹۳۰
۶۵۴
۶۰۱
۹
۸۴/۰۳/۳۱
۷/۵۴
۶۲۰
۹۲
۸۴/۰۴/۰۳
۸۳/۱۲/۲۹
۵۰۰۰۰۰
مس باهنر
۳۵۸۰
۵۱۰
۴۶۸
۳
۸۴/۰۳/۳۱
۷/۰۲
۴۸۵
۹۲
۸۴/۰۴/۰۲
۸۳/۱۲/۲۹
۴۴۰۰۰
ملی مس
۶۲۴۰
۸۴۰
۷۸۶
۶
۸۴/۰۳/۳۱
۷/۴۳
۸۰۰
۹۴
۸۴/۰۴/۰۱
۸۳/۱۲/۲۹
۱۲۰۰۰۰۰
موتوژن
۲۳۸۰
۳۲۵
۲۹۸
۹
۸۴/۰۳/۳۱
۷/۳۲
۳۱۰
۹۲
۸۴/۰۳/۳۰
۸۳/۱۲/۲۹
۳۶۰۰۰
نوسازی
۴۱۷۰
۵۷۶
۵۳۰
۳
۸۴/۰۳/۳۱
۷/۲۴
۵۵۰
۹۲
۸۴/۰۳/۲۹
۸۳/۱۲/۲۹
۶۲۰۰۰
نورد آلومینیوم
۳۰۲۰
۴۳۵
۳۹۸
۶
۸۴/۰۳/۳۱
۶/۹۴
۴۱۵
۹۱
۸۴/۰۳/۲۸
۸۳/۱۲/۲۹
۵۴۰۰۰
نیشکر
۲۰۵۰
۲۸۷
۲۶۰
۹
۸۴/۰۳/۳۱
۷/۱۴
۲۷۰
۹۱
۸۴/۰۳/۲۷
۸۳/۱۲/۲۹
۴۶۰۰۰
هپکو
۳۶۴۰
۴۸۸
۴۵۲
۳
۸۴/۰۳/۳۱
۷/۴۶
۴۶۵
۹۳
۸۴/۰۳/۲۶
۸۳/۱۲/۲۹
۹۵۰۰۰
ایران خودرو
۵۶۸۰
۷۶۴
۷۰۲
۶
۸۴/۰۳/۳۱
۷/۴۳
۷۲۰
۹۲
۸۴/۰۳/۲۵
۸۳/۱۲/۲۹
۱۰۰۰۰۰۰
ایران ترانسفو
۴۴۹۰
۶۰۶
۵۵۲
۹
۸۴/۰۳/۳۱
۷/۴۱
۵۷۵
۹۱
۸۴/۰۳/۲۴
۸۳/۱۲/۲۹
۷۴۰۰۰
ایران تایر
۳۲۸۰
۴۵۲
۴۱۶
۳
۸۴/۰۳/۳۱
۷/۲۶
۴۳۰
۹۲
۸۴/۰۳/۲۳
۸۳/۱۲/۲۹
۵۲۰۰۰
ایران خودرو دیزل
۲۷۴۰
۳۸۶
۳۵۰
۶
۸۴/۰۳/۳۱
۷/۱۰
۳۶۵
۹۱
۸۴/۰۳/۲۲
۸۳/۱۲/۲۹
۲۲۰۰۰۰
تایدواترخاورمیانه
۲۵۲۰
۳۲۹
۲۹۶
۹
۸۳/۱۲/۲۹
۷/۶۶
۲۴۶
۹۰
۸۳/۰۴/۳۱
۸۳/۱۲/۲۹
۳۰۰۰۰۰
نفت بهران
۶۷۸۰
۱۱۵۷
۸۵۹
۳
۸۴/۰۳/۳۱
۵/۸۶
۷۴۷
۷۴
۸۴/۰۴/۲۵
۸۳/۱۲/۲۹
۴۰۰۰۰
نفت پارس
۴۵۷۰
۷۴۱
۵۶۰
۶
۸۴/۰۳/۳۱
۶/۱۷
۶۳۲
۷۶
۸۴/۰۴/۲۰
۸۳/۱۲/۲۹
۸۰۰۰۰
نیروترانس
۳۳۱۰
۴۱۸
۳۸۰
۳
۸۴/۰۳/۳۱
۷/۹۲
۳۶۵
۹۱
۸۴/۰۴/۱۵
۸۳/۱۲/۲۹
۲۵۰۰۰
نیرو کلر
۲۹۵۰
۵۲۲
۴۴۱
۹
۸۴/۰۳/۳۱
۵/۶۵
۴۹۰
۸۴
۸۴/۰۴/۳۰
۸۳/۱۲/۲۹
۱۸۰۰۰
نیرومحرکه
۱۸۵۰
۲۸۷
۲۶۶
۳
۸۴/۰۳/۳۱
۶/۴۵
۲۳۰
۹۳
۸۴/۰۴/۲۸
۸۳/۱۲/۲۹
۶۰۰۰۰
ورق خودرو
۵۸۵۰
۸۷۳
۷۹۵
۶
۸۴/۰۳/۳۱
۶/۷۰
۸۱۰
۹۱
۸۴/۰۴/۱۸
۸۳/۱۲/۲۹
۱۲۰۰۰۰
ونیرو
۴۱۲۰
۳۷۷
۳۱۲
۹
۸۴/۰۳/۳۱
۱۰/۹
۳۳۰
۸۳
۸۴/۰۴/۲۹
۸۳/۱۲/۲۹
۷۰۰۰۰
کاشی الوند
۲۲۹۰
۳۵۳
۳۱۸
۳
۸۴/۰۳/۳۱
۶/۴۹
۳۰۰
۹۰
۸۴/۰۴/۱۲
۸۳/۱۲/۲۹
۴۵۰۰۰
کاشی سعدی
۱۹۶۰
۲۰۴
۱۷۷
۶
۸۴/۰۳/۳۱
۹/۶۱
۱۹۵
۸۷
۸۴/۰۴/۲۶
۸۳/۱۲/۲۹
۳۵۰۰۰
کاشی نیلو
۳۸۷۰
۵۱۲
۴۶۰
۹
۸۴/۰۳/۳۱
۷/۵۶
۴۸۳
۹۰
۸۴/۰۴/۲۳
۸۳/۱۲/۲۹
۵۰۰۰۰
کالسیمین
۶۵۹۰
۸۲۹
۸۰۴
۳
۸۴/۰۳/۳۱
۷/۹۵
۷۷۰
۹۷
۸۴/۰۴/۱۴
۸۳/۱۲/۲۹
۲۴۰۰۰۰
کربن ایران
۲۴۶۰
۴۸۰
۴۲۵
۶
۸۴/۰۳/۳۱
۵/۱۲
۴۵۰
۸۹
۸۴/۰۴/۱۱
۸۳/۱۲/۲۹
۶۸۰۰۰
کشتیرانی
۵۲۰۰
۶۶۰
۵۹۸
۹
۸۴/۰۳/۳۱
۷/۸۸
۶۱۲
۹۱
۸۴/۰۴/۲۷
۸۳/۱۲/۲۹
۹۰۰۰۰۰
کف
۳۴۲۰
۴۹۵
۴۲۳
۳
۸۴/۰۳/۳۱
۶/۹۱
۴۴۵
۸۵
۸۴/۰۴/۱۹
۸۳/۱۲/۲۹
۵۵۰۰۰
کلوپ
۲۵۶۰
۳۳۵
۳۰۵
۶
۸۴/۰۳/۳۱
۷/۶۴
۳۱۰
۹۱
۸۴/۰۴/۲۲
۸۳/۱۲/۲۹
۴۲۰۰۰
کمک فنر
۴۸۵۰
۶۹۰
۶۱۰
۹
۸۴/۰۳/۳۱
۷/۰۳
۶۳۵
۸۸
۸۴/۰۴/۱۶
۸۳/۱۲/۲۹
۳۰۰۰۰
کنتورسازی
۳۹۴۰
۵۴۸
۵۰۲
۳
۸۴/۰۳/۳۱
۷/۱۹
۵۲۰
۹۲
۸۴/۰۴/۲۱
۸۳/۱۲/۲۹
۶۰۰۰۰
گروه بهمن
۲۸۳۰
۳۹۲
۳۴۷
۶
۸۴/۰۳/۳۱
۷/۲۲
۳۶۵
۸۹
۸۴/۰۴/۲۴
۸۳/۱۲/۲۹
۱۵۰۰۰۰
گروه صنعتی
۱۷۲۰
۲۶۸
۲۴۵
۹
۸۴/۰۳/۳۱
۶/۴۲
۲۵۵
۹۱
۸۴/۰۴/۱۷
۸۳/۱۲/۲۹
۸۵۰۰۰
گسترش نفت
۴۳۶۰
۵۸۲
۵۴۰
۳
۸۴/۰۳/۳۱
۷/۴۹
۵۵۵
۹۳
۸۴/۰۴/۱۰
۸۳/۱۲/۲۹
۴۰۰۰۰۰
گلوکوزان
۲۱۴۰
۳۰۱
۲۷۰
۶
۸۴/۰۳/۳۱
۷/۱۱
۲۸۵
۹۰
۸۴/۰۴/۰۹
۸۳/۱۲/۲۹
۳۸۰۰۰
لاستیک البرز
۳۷۶۰
۵۲۰
۴۷۵
۹
۸۴/۰۳/۳۱
۷/۲۳
۴۹۵
۹۱
۸۴/۰۴/۱۳
۸۳/۱۲/۲۹
۷۲۰۰۰
لاستیک دنا
۲۹۲۰
۴۴۳
۴۰۲
۳
۸۴/۰۳/۳۱
۶/۵۹
۴۲۰
۹۱
۸۴/۰۴/۰۸
۸۳/۱۲/۲۹
۴۸۰۰۰
لعابیران
۵۴۱۰
۷۱۲
۶۵۰
۶
۸۴/۰۳/۳۱
۷/۶۰
۶۸۰
۹۱
۸۴/۰۴/۰۷
۸۳/۱۲/۲۹
۳۲۰۰۰
لوله اهواز
۴۰۸۰
۵۹۳
۵۱۰
۹
۸۴/۰۳/۳۱
۶/۸۸
۵۴۵
۸۶
۸۴/۰۴/۰۶
۸۳/۱۲/۲۹
۱۰۰۰۰۰
لوله سازی
۳۱۵۰
۴۲۰
۳۸۷
۳
۸۴/۰۳/۳۱
۷/۵۰
۴۰۰
۹۲
۸۴/۰۴/۰۵
۸۳/۱۲/۲۹
۵۸۰۰۰
ماشین سازی
۲۶۷۰
۳۸۰
۳۴۲
۶
۸۴/۰۳/۳۱
۷/۰۳
۳۶۰
۹۰
۸۴/۰۴/۰۴
۸۳/۱۲/۲۹
۶۶۰۰۰
